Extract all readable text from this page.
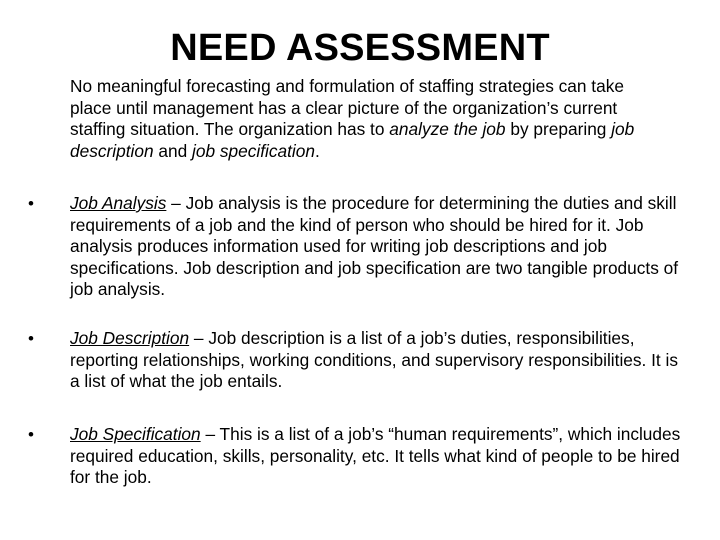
NEED ASSESSMENT
No meaningful forecasting and formulation of staffing strategies can take place until management has a clear picture of the organization’s current staffing situation. The organization has to analyze the job by preparing job description and job specification.
•	Job Analysis – Job analysis is the procedure for determining the duties and skill requirements of a job and the kind of person who should be hired for it. Job analysis produces information used for writing job descriptions and job specifications. Job description and job specification are two tangible products of job analysis.
•	Job Description – Job description is a list of a job’s duties, responsibilities, reporting relationships, working conditions, and supervisory responsibilities. It is a list of what the job entails.
•	Job Specification – This is a list of a job’s “human requirements”, which includes required education, skills, personality, etc. It tells what kind of people to be hired for the job.
